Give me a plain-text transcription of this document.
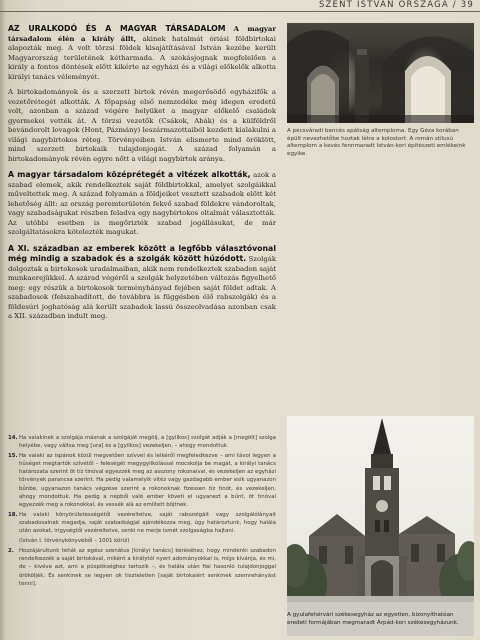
SZENT ISTVÁN ORSZÁGA / 39

AZ URALKODÓ ÉS A MAGYAR TÁRSADALOM A magyar társadalom élén a király állt, akinek hatalmát óriási földbirtokai alapozták meg. A volt törzsi földek kisajátításával István kezébe került Magyarország területének kétharmada. A szokásjognak megfelelően a király a fontos döntések előtt kikérte az egyházi és a világi előkelők alkotta királyi tanács véleményét.

A birtokadományok és a szerzett birtok révén megerősödő egyházifők a vezetőrétegét alkották. A főpapság első nemzedéke még idegen eredetű volt, azonban a század végére helyüket a magyar előkelő családok gyermekei vették át. A törzsi vezetők (Csákok, Abák) és a külföldről bevándorolt lovagok (Hont, Pázmány) leszármazottaiból kezdett kialakulni a világi nagybirtokos réteg. Törvényeiben István elismerte mind öröklött, mind szerzett birtokaik tulajdonjogát. A század folyamán a birtokadományok révén egyre nőtt a világi nagybirtok aránya.

A magyar társadalom középrétegét a vitézek alkották, azok a szabad elemek, akik rendelkeztek saját földbirtokkal, amelyet szolgáikkal műveltettek meg. A század folyamán a földjeiket vesztett szabadok előtt két lehetőség állt: az ország peremterületén fekvő szabad földekre vándoroltak, vagy szabadságukat részben feladva egy nagybirtokos oltalmát választották. Az utóbbi esetben is megőrizték szabad jogállásukat, de már szolgáltatásokra kötelezték magukat.

A XI. században az emberek között a legfőbb választóvonal még mindig a szabadok és a szolgák között húzódott. Szolgák dolgoztak a birtokosok uradalmaiban, akik nem rendelkeztek szabadon saját munkaerejükkel. A szárad végéről a szolgák helyzetében változás figyelhető meg: egy részük a birtokosok terményhányad fejében saját földet adtak. A szabadosok (felszabadított, de továbbra is függésben élő rabszolgák) és a földesúri joghatóság alá került szabadok lassú összeolvadása azonban csak a XII. században indult meg.

14. Ha valakinek a szolgája másnak a szolgáját megölj, a [gyilkos] szolgát adják a [megölt] szolga helyébe, vagy váltsa meg [ura] és a [gyilkos] vezekeljen, – ahogy mondottuk.

15. Ha valaki az ispánok közül megvetően szívvel és lelkéről megfeledkezve – ami távol legyen a hűséget megtartók szívétől – feleségét megygyilkolással mocskolja be magát, a királyi tanács határozata szerint öt tíz tinóval egyezzék meg az asszony rokonaival, és vezekeljen az egyházi törvények parancsa szerint. Ha pedig valamelyik vitéz vagy gazdagabb ember esik ugyanazon bűnbe, ugyanazon tanács végzése szerint a rokonoknak fizessen tíz tinót, és vezekeljen, ahogy mondottuk. Ha pedig a népből való ember követi el ugyanezt a bűnt, öt tinóval egyezzék meg a rokonokkal, és vessék alá az említett böjtnek.

18. Ha valaki könyörületességétől vezéreltetve, saját rabszolgáit vagy szolgálólányait szabadosainak megadja, saját szabadságjal ajándékozza meg, úgy határoztunk, hogy halála után azokat, irigységtől vezéreltetve, senki ne merje ismét szolgaságba hajtani.

(István I. törvénykönyvéből – 1001 körül)

2. Hozzájárultunk tehát az egész szenátus [királyi tanács] kéréséhez, hogy mindenki szabadon rendelkezzék a saját birtokával, miként a királytól nyert adományokkal is, mígs kívánja, és mi, de – kivéve azt, ami a püspökséghez tartozik –, és halála után fiai hasonló tulajdonjoggal örököljék. És senkinek se legyen ok tiszteletlen [saját birtokaiért senkinek szemrehányást tenni].

A pécsváradi bencés apátság altemploma. Egy Géza korában épült nevezhetőbe hoztak létre a kolostort. A román stílusú altemplom a kevés fennmaradt István-kori építészeti emlékeink egyike.
A gyulafehérvári székesegyház az egyetlen, bizonyíthatóan eredeti formájában megmaradt Árpád-kori székesegyházunk.
